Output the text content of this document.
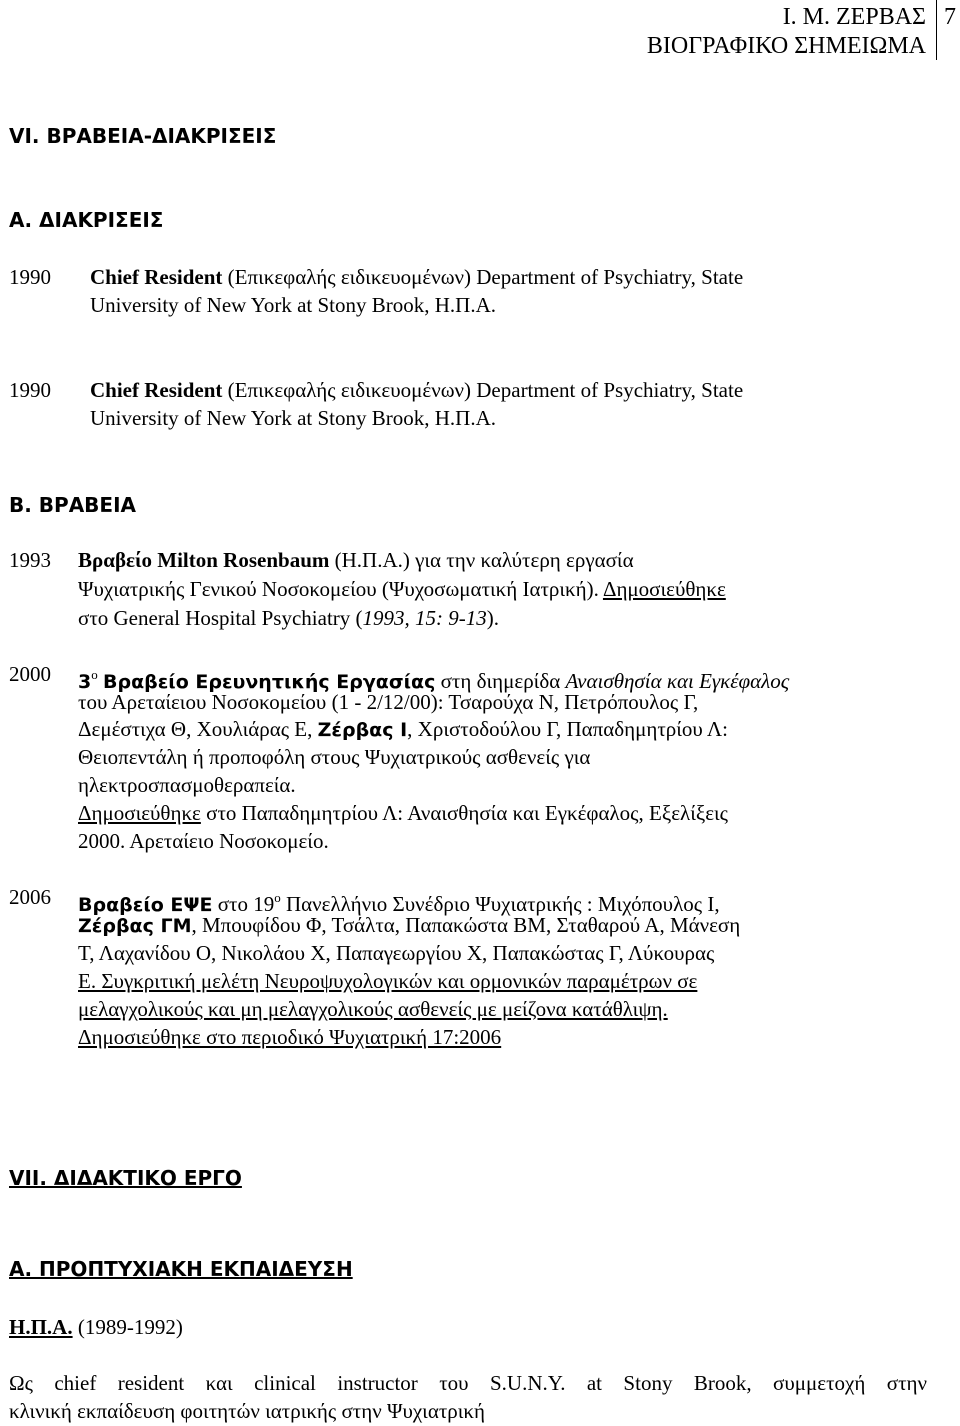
Ι. Μ. ΖΕΡΒΑΣ
ΒΙΟΓΡΑΦΙΚΟ ΣΗΜΕΙΩΜΑ
7
VI. ΒΡΑΒΕΙΑ-ΔΙΑΚΡΙΣΕΙΣ
Α. ΔΙΑΚΡΙΣΕΙΣ
1990 Chief Resident (Επικεφαλής ειδικευομένων) Department of Psychiatry, State
University of New York at Stony Brook, Η.Π.Α.
1990 Chief Resident (Επικεφαλής ειδικευομένων) Department of Psychiatry, State
University of New York at Stony Brook, Η.Π.Α.
Β. ΒΡΑΒΕΙΑ
1993 Βραβείο Milton Rosenbaum (Η.Π.Α.) για την καλύτερη εργασία
Ψυχιατρικής Γενικού Νοσοκομείου (Ψυχοσωματική Ιατρική). Δημοσιεύθηκε
στο General Hospital Psychiatry (1993, 15: 9-13).
2000 $3^o$ Βραβείο Ερευνητικής Εργασίας στη διημερίδα Αναισθησία και Εγκέφαλος
του Αρεταίειου Νοσοκομείου (1 - 2/12/00): Τσαρούχα Ν, Πετρόπουλος Γ,
Δεμέστιχα Θ, Χουλιάρας Ε, Ζέρβας Ι, Χριστοδούλου Γ, Παπαδημητρίου Λ:
Θειοπεντάλη ή προποφόλη στους Ψυχιατρικούς ασθενείς για
ηλεκτροσπασμοθεραπεία.
Δημοσιεύθηκε στο Παπαδημητρίου Λ: Αναισθησία και Εγκέφαλος, Εξελίξεις
2000. Αρεταίειο Νοσοκομείο.
2006 Βραβείο ΕΨΕ στο $19^o$ Πανελλήνιο Συνέδριο Ψυχιατρικής : Μιχόπουλος Ι,
Ζέρβας ΓΜ, Μπουφίδου Φ, Τσάλτα, Παπακώστα ΒΜ, Σταθαρού Α, Μάνεση
Τ, Λαχανίδου Ο, Νικολάου Χ, Παπαγεωργίου Χ, Παπακώστας Γ, Λύκουρας
Ε. Συγκριτική μελέτη Νευροψυχολογικών και ορμονικών παραμέτρων σε
μελαγχολικούς και μη μελαγχολικούς ασθενείς με μείζονα κατάθλιψη.
Δημοσιεύθηκε στο περιοδικό Ψυχιατρική 17:2006
VII. ΔΙΔΑΚΤΙΚΟ ΕΡΓΟ
Α. ΠΡΟΠΤΥΧΙΑΚΗ ΕΚΠΑΙΔΕΥΣΗ
Η.Π.Α. (1989-1992)
Ως chief resident και clinical instructor του S.U.N.Y. at Stony Brook, συμμετοχή στην
κλινική εκπαίδευση φοιτητών ιατρικής στην Ψυχιατρική
